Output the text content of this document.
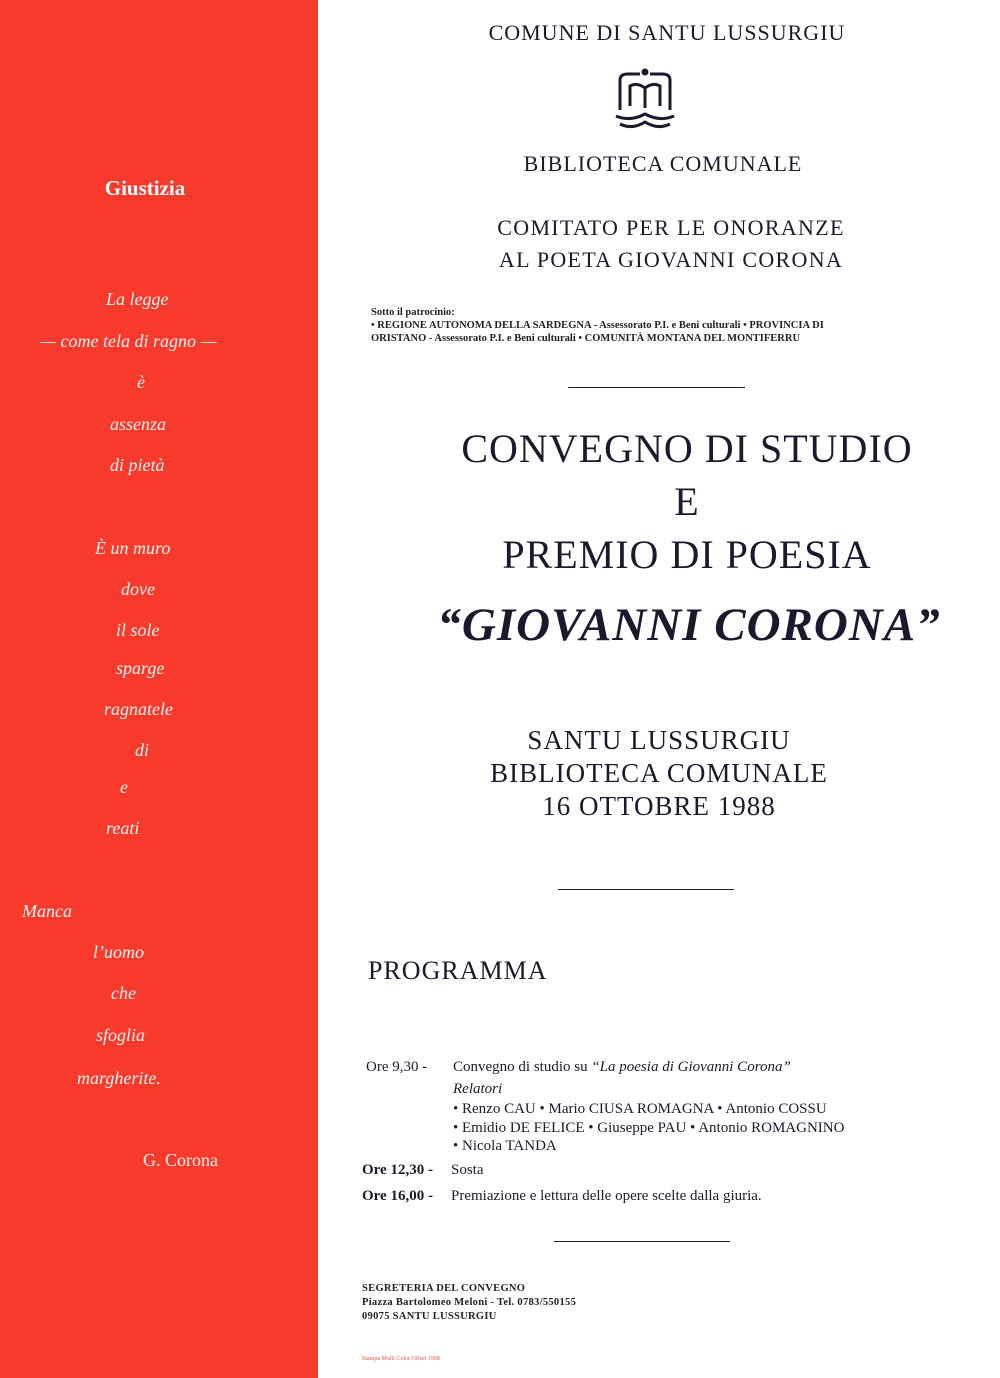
Giustizia
La legge
— come tela di ragno —
è
assenza
di pietà
È un muro
dove
il sole
sparge
ragnatele
di
e
reati
Manca
l’uomo
che
sfoglia
margherite.
G. Corona
COMUNE DI SANTU LUSSURGIU
BIBLIOTECA COMUNALE
COMITATO PER LE ONORANZE
AL POETA GIOVANNI CORONA
Sotto il patrocinio:
• REGIONE AUTONOMA DELLA SARDEGNA - Assessorato P.I. e Beni culturali • PROVINCIA DI
ORISTANO - Assessorato P.I. e Beni culturali • COMUNITÀ MONTANA DEL MONTIFERRU
CONVEGNO DI STUDIO
E
PREMIO DI POESIA
“GIOVANNI CORONA”
SANTU LUSSURGIU
BIBLIOTECA COMUNALE
16 OTTOBRE 1988
PROGRAMMA
Ore 9,30 - Convegno di studio su “La poesia di Giovanni Corona”
Relatori
• Renzo CAU • Mario CIUSA ROMAGNA • Antonio COSSU
• Emidio DE FELICE • Giuseppe PAU • Antonio ROMAGNINO
• Nicola TANDA
Ore 12,30 - Sosta
Ore 16,00 - Premiazione e lettura delle opere scelte dalla giuria.
SEGRETERIA DEL CONVEGNO
Piazza Bartolomeo Meloni - Tel. 0783/550155
09075 SANTU LUSSURGIU
Stampa Multi Color Offset 1988
